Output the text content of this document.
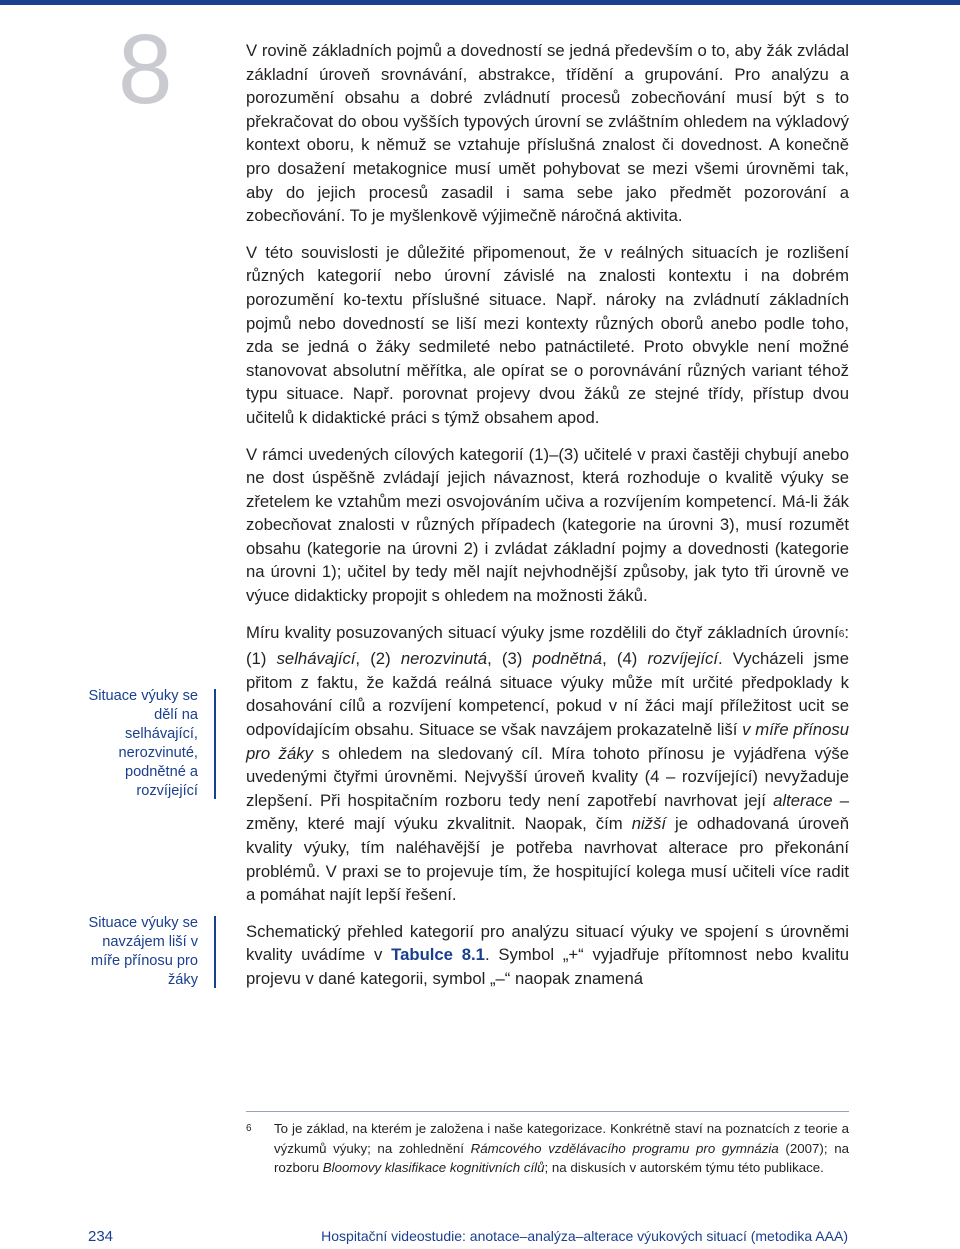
8	V rovině základních pojmů a dovedností se jedná především o to, aby žák zvládal základní úroveň srovnávání, abstrakce, třídění a grupování. Pro analýzu a porozumění obsahu a dobré zvládnutí procesů zobecňování musí být s to překračovat do obou vyšších typových úrovní se zvláštním ohledem na výkladový kontext oboru, k němuž se vztahuje příslušná znalost či dovednost. A konečně pro dosažení metakognice musí umět pohybovat se mezi všemi úrovněmi tak, aby do jejich procesů zasadil i sama sebe jako předmět pozorování a zobecňování. To je myšlenkově výjimečně náročná aktivita.

V této souvislosti je důležité připomenout, že v reálných situacích je rozlišení různých kategorií nebo úrovní závislé na znalosti kontextu i na dobrém porozumění ko-textu příslušné situace. Např. nároky na zvládnutí základních pojmů nebo dovedností se liší mezi kontexty různých oborů anebo podle toho, zda se jedná o žáky sedmileté nebo patnáctileté. Proto obvykle není možné stanovovat absolutní měřítka, ale opírat se o porovnávání různých variant téhož typu situace. Např. porovnat projevy dvou žáků ze stejné třídy, přístup dvou učitelů k didaktické práci s týmž obsahem apod.

V rámci uvedených cílových kategorií (1)–(3) učitelé v praxi častěji chybují anebo ne dost úspěšně zvládají jejich návaznost, která rozhoduje o kvalitě výuky se zřetelem ke vztahům mezi osvojováním učiva a rozvíjením kompetencí. Má-li žák zobecňovat znalosti v různých případech (kategorie na úrovni 3), musí rozumět obsahu (kategorie na úrovni 2) i zvládat základní pojmy a dovednosti (kategorie na úrovni 1); učitel by tedy měl najít nejvhodnější způsoby, jak tyto tři úrovně ve výuce didakticky propojit s ohledem na možnosti žáků.

Míru kvality posuzovaných situací výuky jsme rozdělili do čtyř základních úrovní$^6$: (1) selhávající, (2) nerozvinutá, (3) podnětná, (4) rozvíjející. Vycházeli jsme přitom z faktu, že každá reálná situace výuky může mít určité předpoklady k dosahování cílů a rozvíjení kompetencí, pokud v ní žáci mají příležitost ucit se odpovídajícím obsahu. Situace se však navzájem prokazatelně liší v míře přínosu pro žáky s ohledem na sledovaný cíl. Míra tohoto přínosu je vyjádřena výše uvedenými čtyřmi úrovněmi. Nejvyšší úroveň kvality (4 – rozvíjející) nevyžaduje zlepšení. Při hospitačním rozboru tedy není zapotřebí navrhovat její alterace – změny, které mají výuku zkvalitnit. Naopak, čím nižší je odhadovaná úroveň kvality výuky, tím naléhavější je potřeba navrhovat alterace pro překonání problémů. V praxi se to projevuje tím, že hospitující kolega musí učiteli více radit a pomáhat najít lepší řešení.

Schematický přehled kategorií pro analýzu situací výuky ve spojení s úrovněmi kvality uvádíme v Tabulce 8.1. Symbol „+“ vyjadřuje přítomnost nebo kvalitu projevu v dané kategorii, symbol „–“ naopak znamená

Situace výuky se dělí na selhávající, nerozvinuté, podnětné a rozvíjející
Situace výuky se navzájem liší v míře přínosu pro žáky
6 To je základ, na kterém je založena i naše kategorizace. Konkrétně staví na poznatcích z teorie a výzkumů výuky; na zohlednění Rámcového vzdělávacího programu pro gymnázia (2007); na rozboru Bloomovy klasifikace kognitivních cílů; na diskusích v autorském týmu této publikace.
234	Hospitační videostudie: anotace–analýza–alterace výukových situací (metodika AAA)
